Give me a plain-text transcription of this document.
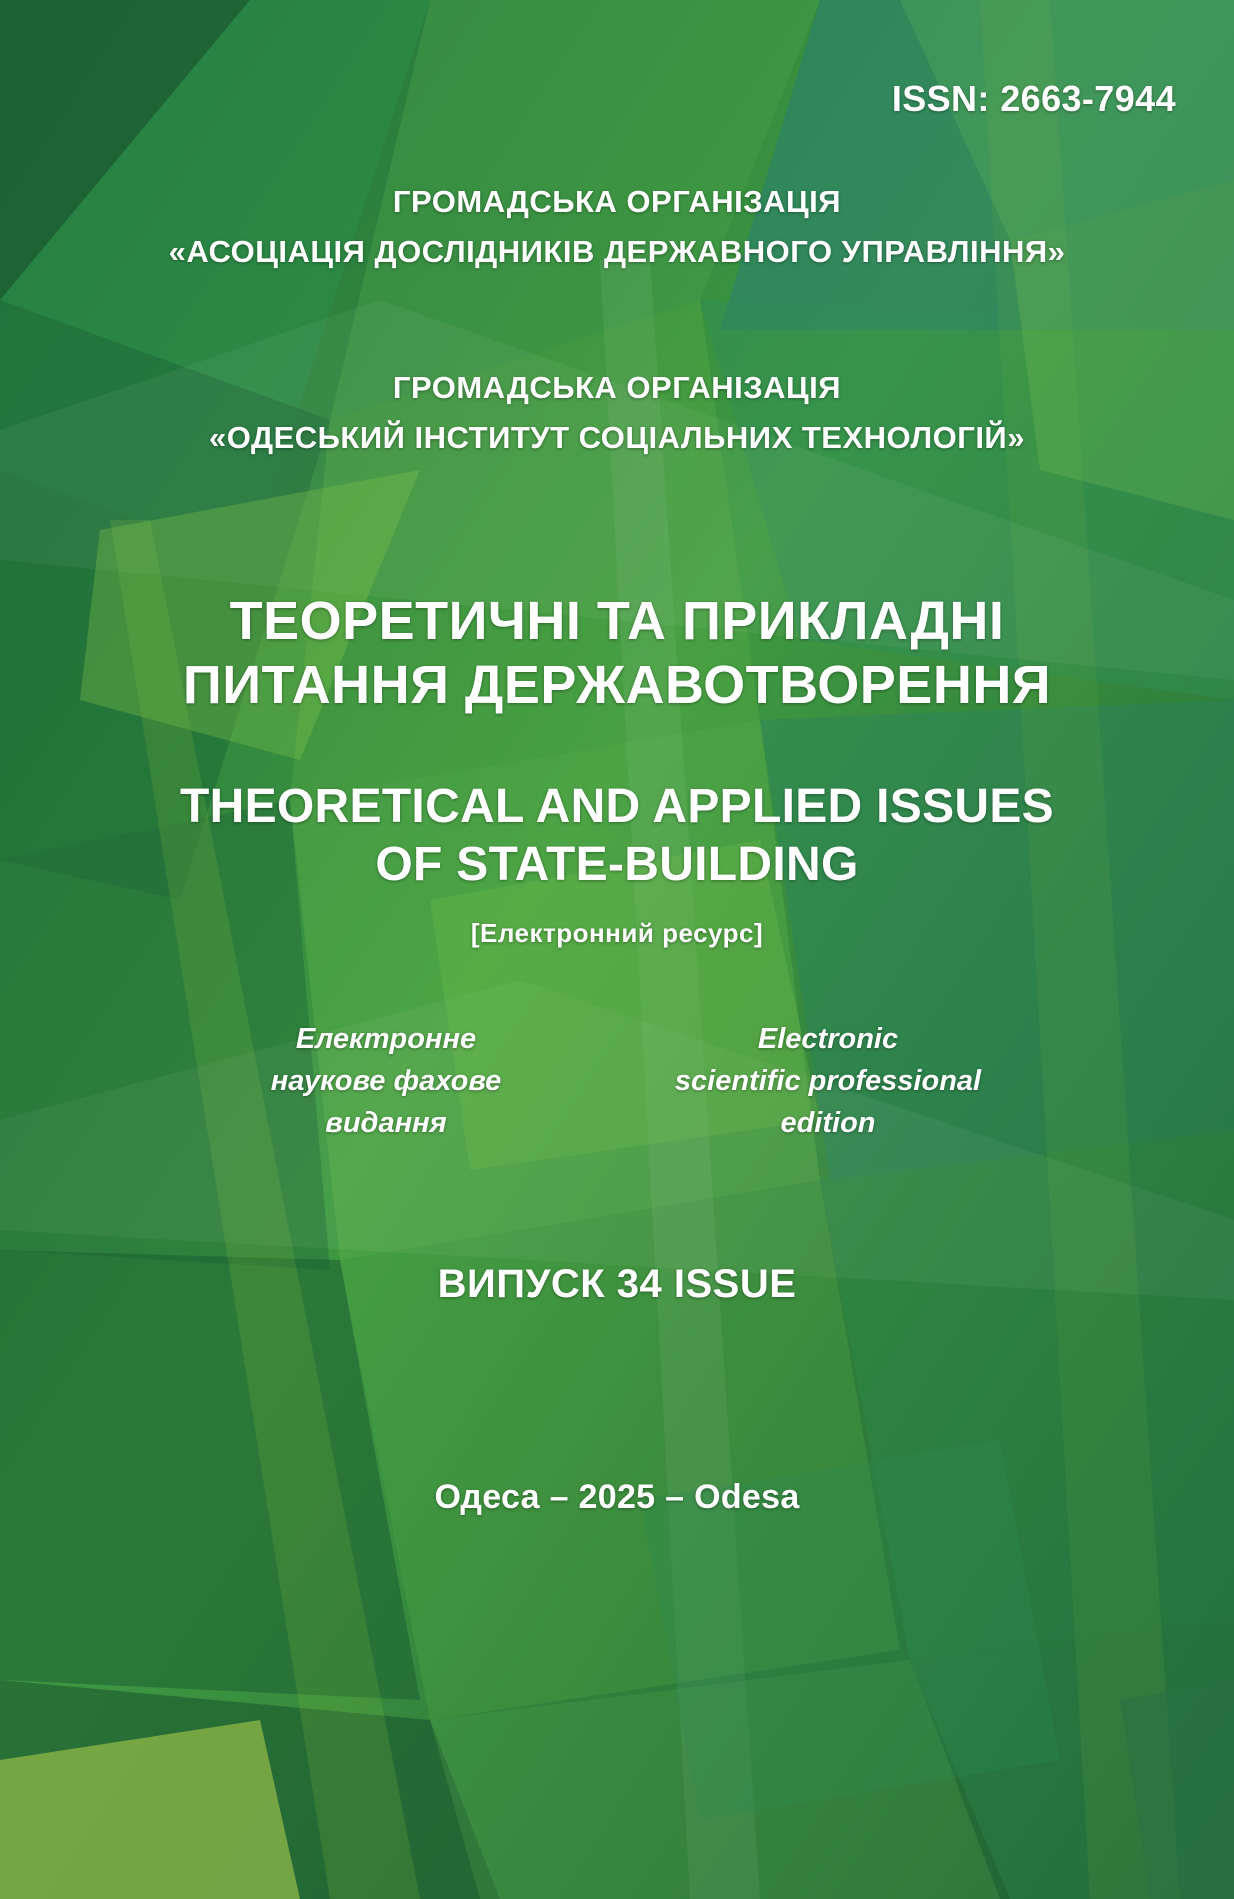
ISSN: 2663-7944
ГРОМАДСЬКА ОРГАНІЗАЦІЯ
«АСОЦІАЦІЯ ДОСЛІДНИКІВ ДЕРЖАВНОГО УПРАВЛІННЯ»
ГРОМАДСЬКА ОРГАНІЗАЦІЯ
«ОДЕСЬКИЙ ІНСТИТУТ СОЦІАЛЬНИХ ТЕХНОЛОГІЙ»
ТЕОРЕТИЧНІ ТА ПРИКЛАДНІ
ПИТАННЯ ДЕРЖАВОТВОРЕННЯ
THEORETICAL AND APPLIED ISSUES
OF STATE-BUILDING
[Електронний ресурс]
Електронне
наукове фахове видання
Electronic
scientific professional edition
ВИПУСК 34 ISSUE
Одеса – 2025 – Odesa
